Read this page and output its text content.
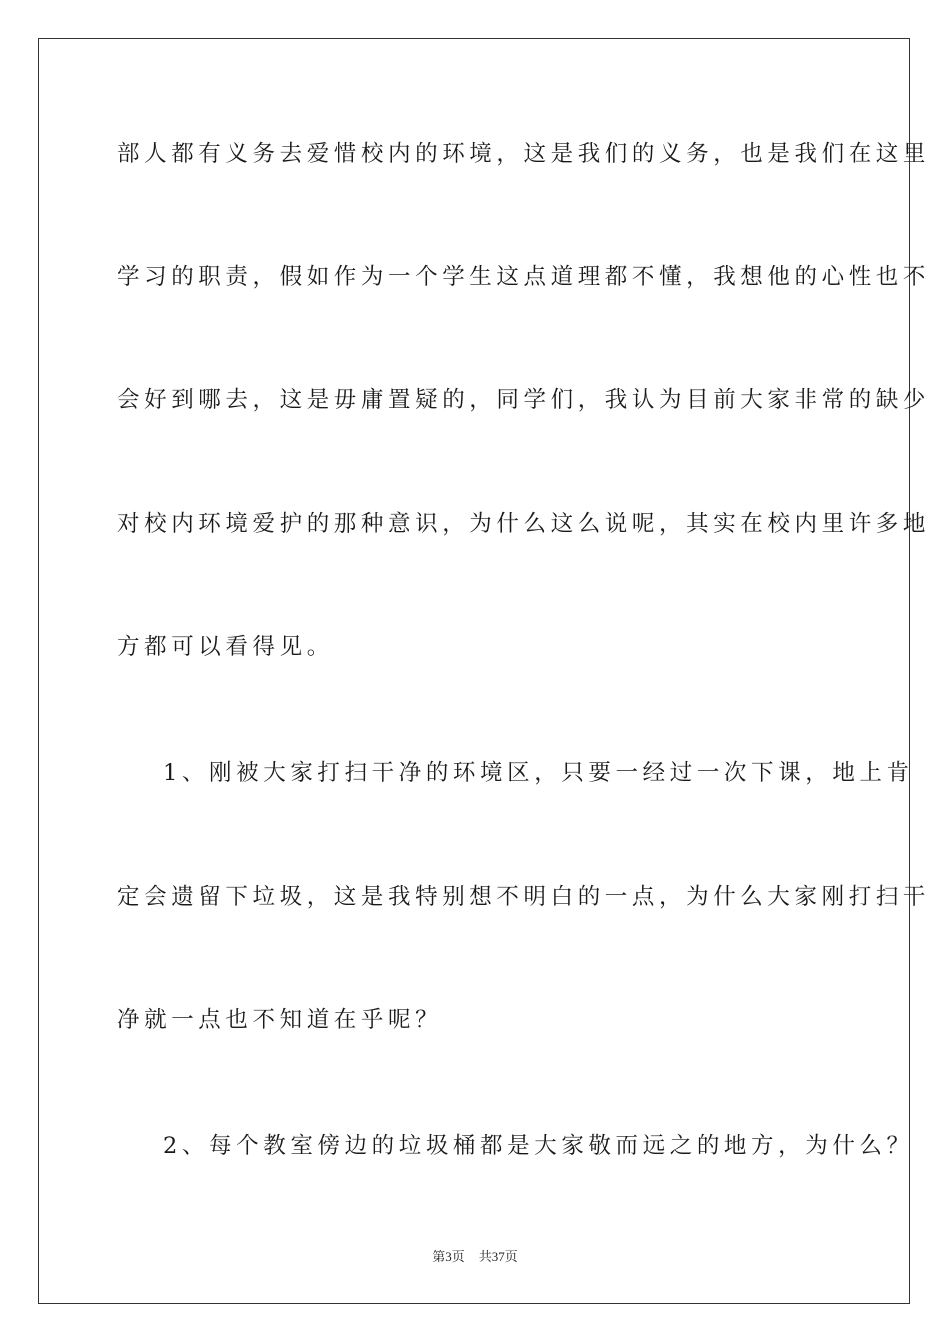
部人都有义务去爱惜校内的环境，这是我们的义务，也是我们在这里
学习的职责，假如作为一个学生这点道理都不懂，我想他的心性也不
会好到哪去，这是毋庸置疑的，同学们，我认为目前大家非常的缺少
对校内环境爱护的那种意识，为什么这么说呢，其实在校内里许多地
方都可以看得见。
1、刚被大家打扫干净的环境区，只要一经过一次下课，地上肯
定会遗留下垃圾，这是我特别想不明白的一点，为什么大家刚打扫干
净就一点也不知道在乎呢？
2、每个教室傍边的垃圾桶都是大家敬而远之的地方，为什么？
第3页 共37页
